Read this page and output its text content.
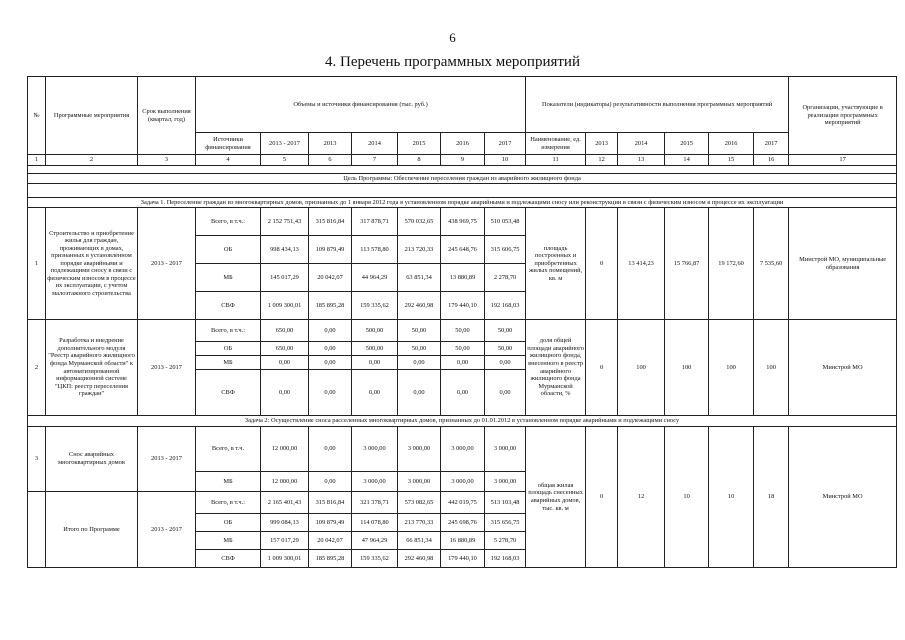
6
4. Перечень программных мероприятий
№	Программные мероприятия	Срок выполнения (квартал, год)	Объемы и источники финансирования (тыс. руб.)							Показатели (индикаторы) результативности выполнения программных мероприятий						Организации, участвующие в реализации программных мероприятий
			Источники финансирования	2013 - 2017	2013	2014	2015	2016	2017	Наименование, ед. измерения	2013	2014	2015	2016	2017	
1	2	3	4	5	6	7	8	9	10	11	12	13	14	15	16	17

Цель Программы: Обеспечение переселения граждан из аварийного жилищного фонда																

Задача 1. Переселение граждан из многоквартирных домов, признанных до 1 января 2012 года в установленном порядке аварийными и подлежащими сносу или реконструкции в связи с физическим износом в процессе их эксплуатации																
1	Строительство и приобретение жилья для граждан, проживающих в домах, признанных в установленном порядке аварийными и подлежащими сносу в связи с физическим износом в процессе их эксплуатации, с учетом малоэтажного строительства	2013 - 2017	Всего, в т.ч.:	2 152 751,43	315 816,84	317 878,71	570 032,65	438 969,75	510 053,48	площадь построенных и приобретенных жилых помещений, кв. м	0	13 414,23	15 766,87	19 172,60	7 535,60	Минстрой МО, муниципальные образования
			ОБ	998 434,13	109 879,49	113 578,80	213 720,33	245 648,76	315 606,75							
			МБ	145 017,29	20 042,07	44 964,29	63 851,34	13 880,89	2 278,70							
			СВФ	1 009 300,01	185 895,28	159 335,62	292 460,98	179 440,10	192 168,03							
2	Разработка и внедрение дополнительного модуля "Реестр аварийного жилищного фонда Мурманской области" к автоматизированной информационной системе "ЦКП: реестр переселения граждан"	2013 - 2017	Всего, в т.ч.:	650,00	0,00	500,00	50,00	50,00	50,00	доля общей площади аварийного жилищного фонда, внесенного в реестр аварийного жилищного фонда Мурманской области, %	0	100	100	100	100	Минстрой МО
			ОБ	650,00	0,00	500,00	50,00	50,00	50,00							
			МБ	0,00	0,00	0,00	0,00	0,00	0,00							
			СВФ	0,00	0,00	0,00	0,00	0,00	0,00							
Задача 2: Осуществление сноса расселенных многоквартирных домов, признанных до 01.01.2012 в установленном порядке аварийными и подлежащими сносу																
3	Снос аварийных многоквартирных домов	2013 - 2017	Всего, в т.ч.	12 000,00	0,00	3 000,00	3 000,00	3 000,00	3 000,00	общая жилая площадь снесенных аварийных домов, тыс. кв. м	0	12	10	10	18	Минстрой МО
			МБ	12 000,00	0,00	3 000,00	3 000,00	3 000,00	3 000,00							
	Итого по Программе	2013 - 2017	Всего, в т.ч.:	2 165 401,43	315 816,84	321 378,71	573 082,65	442 019,75	513 103,48							
			ОБ	999 084,13	109 879,49	114 078,80	213 770,33	245 698,76	315 656,75							
			МБ	157 017,29	20 042,07	47 964,29	66 851,34	16 880,89	5 278,70							
			СВФ	1 009 300,01	185 895,28	159 335,62	292 460,98	179 440,10	192 168,03							
